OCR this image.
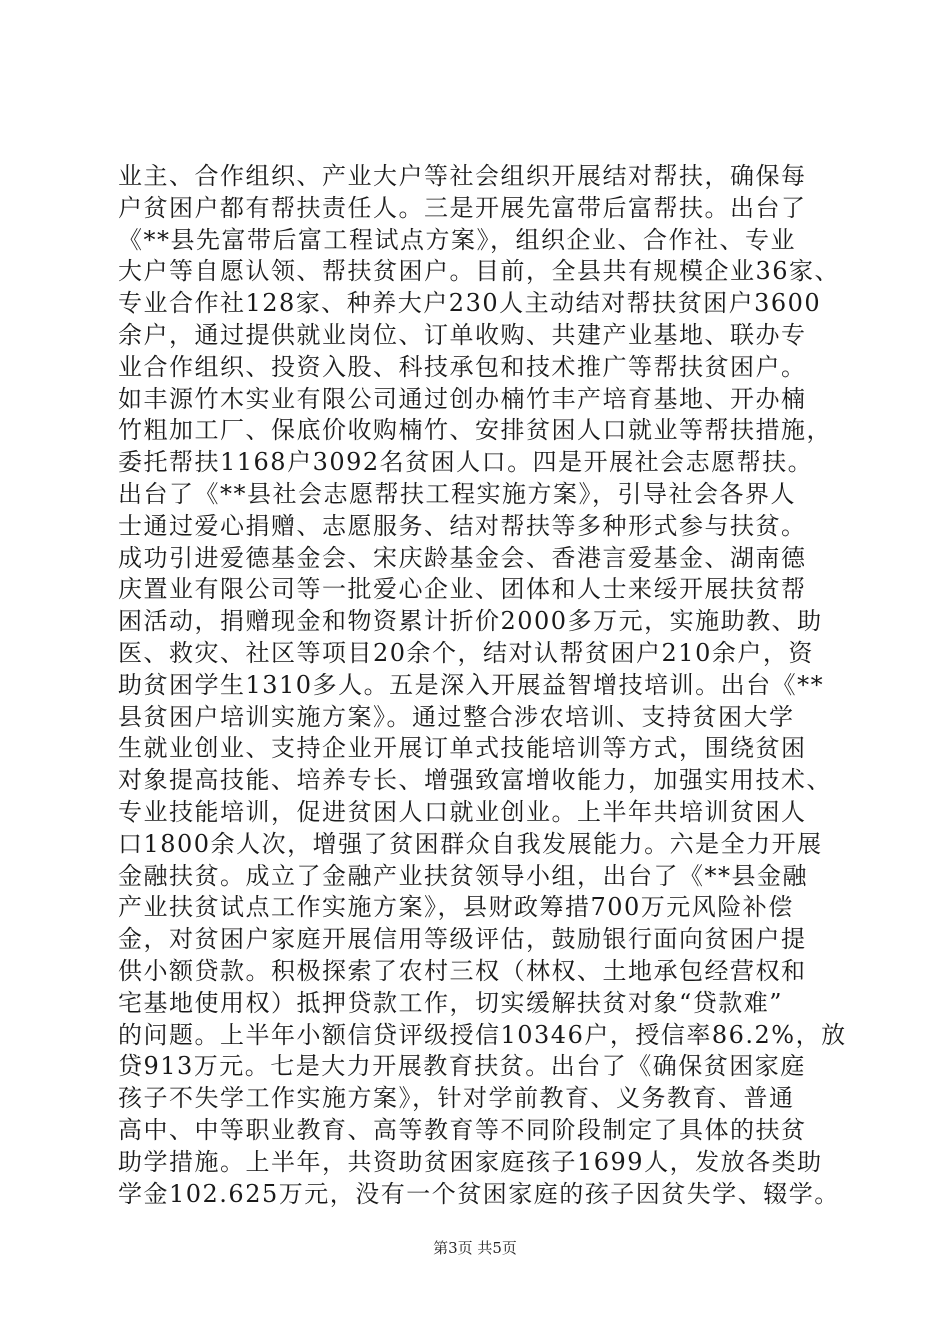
业主、合作组织、产业大户等社会组织开展结对帮扶，确保每
户贫困户都有帮扶责任人。三是开展先富带后富帮扶。出台了
《**县先富带后富工程试点方案》，组织企业、合作社、专业
大户等自愿认领、帮扶贫困户。目前，全县共有规模企业36家、
专业合作社128家、种养大户230人主动结对帮扶贫困户3600
余户，通过提供就业岗位、订单收购、共建产业基地、联办专
业合作组织、投资入股、科技承包和技术推广等帮扶贫困户。
如丰源竹木实业有限公司通过创办楠竹丰产培育基地、开办楠
竹粗加工厂、保底价收购楠竹、安排贫困人口就业等帮扶措施，
委托帮扶1168户3092名贫困人口。四是开展社会志愿帮扶。
出台了《**县社会志愿帮扶工程实施方案》，引导社会各界人
士通过爱心捐赠、志愿服务、结对帮扶等多种形式参与扶贫。
成功引进爱德基金会、宋庆龄基金会、香港言爱基金、湖南德
庆置业有限公司等一批爱心企业、团体和人士来绥开展扶贫帮
困活动，捐赠现金和物资累计折价2000多万元，实施助教、助
医、救灾、社区等项目20余个，结对认帮贫困户210余户，资
助贫困学生1310多人。五是深入开展益智增技培训。出台《**
县贫困户培训实施方案》。通过整合涉农培训、支持贫困大学
生就业创业、支持企业开展订单式技能培训等方式，围绕贫困
对象提高技能、培养专长、增强致富增收能力，加强实用技术、
专业技能培训，促进贫困人口就业创业。上半年共培训贫困人
口1800余人次，增强了贫困群众自我发展能力。六是全力开展
金融扶贫。成立了金融产业扶贫领导小组，出台了《**县金融
产业扶贫试点工作实施方案》，县财政筹措700万元风险补偿
金，对贫困户家庭开展信用等级评估，鼓励银行面向贫困户提
供小额贷款。积极探索了农村三权（林权、土地承包经营权和
宅基地使用权）抵押贷款工作，切实缓解扶贫对象“贷款难”
的问题。上半年小额信贷评级授信10346户，授信率86.2%，放
贷913万元。七是大力开展教育扶贫。出台了《确保贫困家庭
孩子不失学工作实施方案》，针对学前教育、义务教育、普通
高中、中等职业教育、高等教育等不同阶段制定了具体的扶贫
助学措施。上半年，共资助贫困家庭孩子1699人，发放各类助
学金102.625万元，没有一个贫困家庭的孩子因贫失学、辍学。
第3页 共5页
